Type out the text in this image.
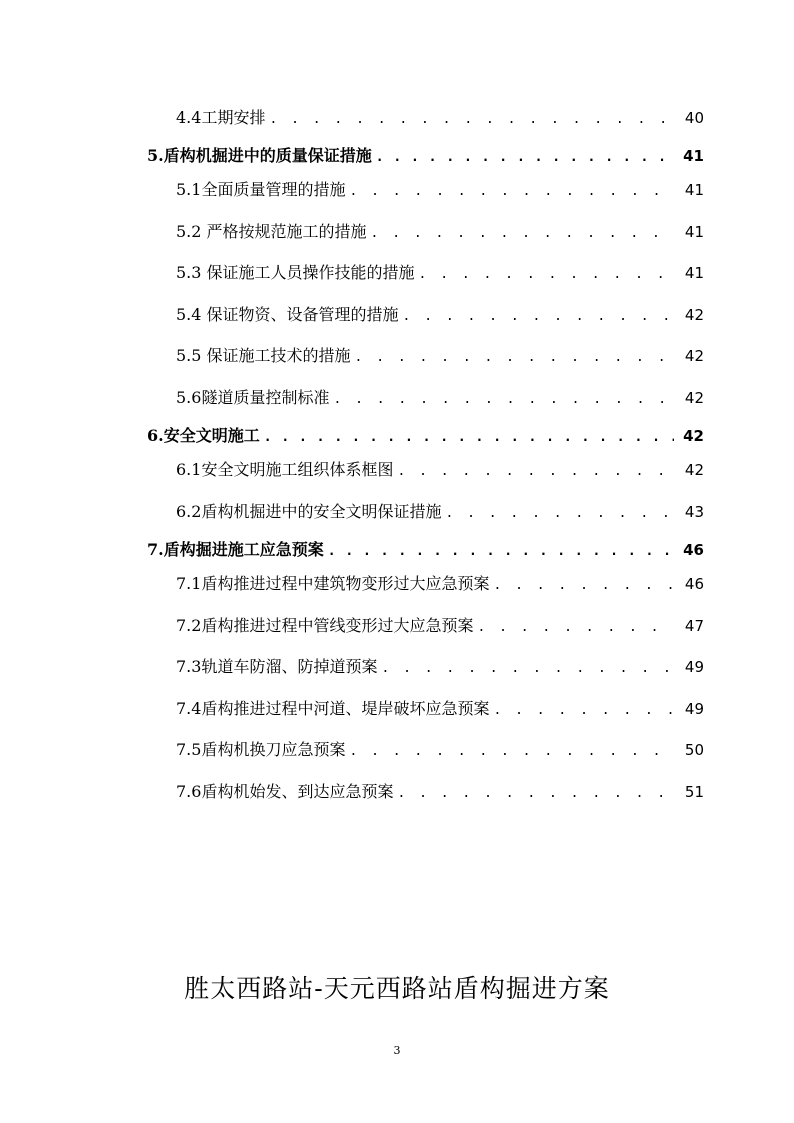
4.4工期安排 . . .	40
5.盾构机掘进中的质量保证措施 . . .	41
5.1全面质量管理的措施 . . .	41
5.2 严格按规范施工的措施 . . .	41
5.3 保证施工人员操作技能的措施 . . .	41
5.4 保证物资、设备管理的措施 . . .	42
5.5 保证施工技术的措施 . . .	42
5.6隧道质量控制标准 . . .	42
6.安全文明施工 . . .	42
6.1安全文明施工组织体系框图 . . .	42
6.2盾构机掘进中的安全文明保证措施 . . .	43
7.盾构掘进施工应急预案 . . .	46
7.1盾构推进过程中建筑物变形过大应急预案 . . .	46
7.2盾构推进过程中管线变形过大应急预案 . . .	47
7.3轨道车防溜、防掉道预案 . . .	49
7.4盾构推进过程中河道、堤岸破坏应急预案 . . .	49
7.5盾构机换刀应急预案 . . .	50
7.6盾构机始发、到达应急预案 . . .	51
胜太西路站-天元西路站盾构掘进方案
3
